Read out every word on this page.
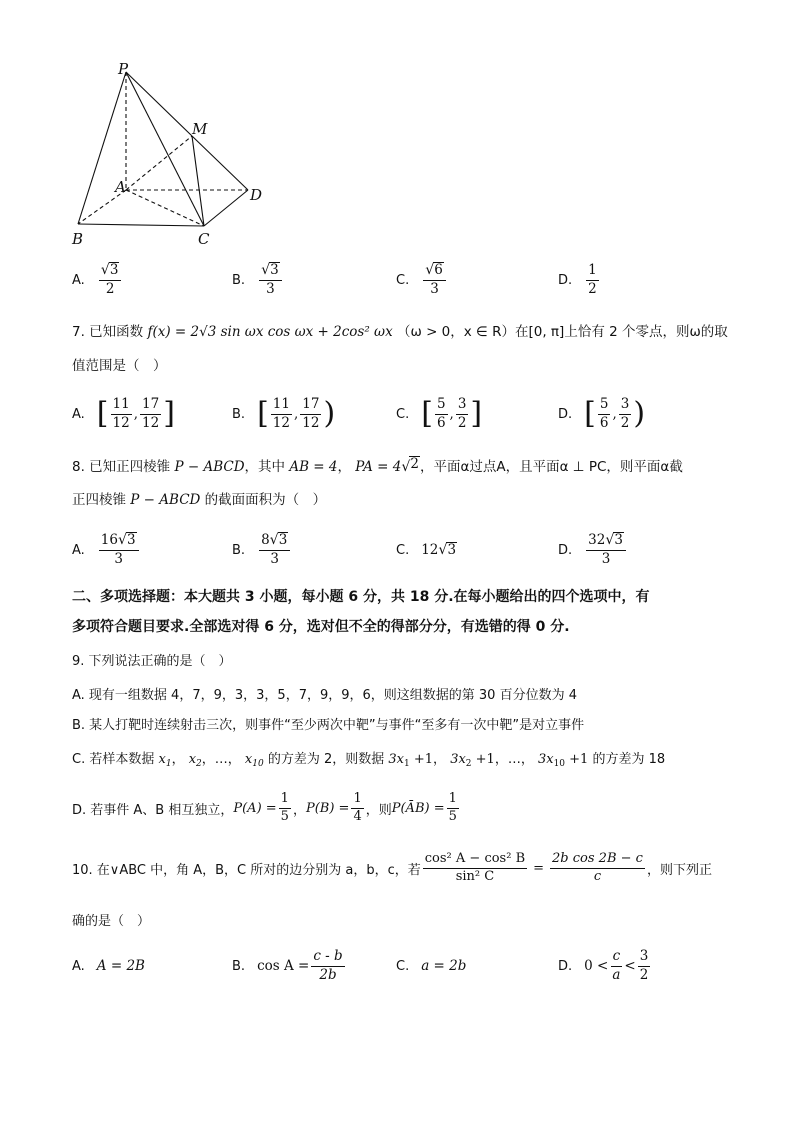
P
M
A	D
B	C
A. $\frac{√ 3}{2}$	B. $\frac{√ 3}{3}$	C. $\frac{√ 6}{3}$	D. $\frac{1}{2}$
7. 已知函数 f(x) = 2√3 sin ωx cos ωx + 2cos² ωx （ω > 0，x ∈ R）在[0, π]上恰有 2 个零点，则ω的取
值范围是（　）
A. [ $\frac{11}{12}$ , $\frac{17}{12}$ ]	B. [ $\frac{11}{12}$ , $\frac{17}{12}$ )	C. [ $\frac{5}{6}$ , $\frac{3}{2}$ ]	D. [ $\frac{5}{6}$ , $\frac{3}{2}$ )
8. 已知正四棱锥 P − ABCD，其中 AB = 4， PA = 4 √ 2 ，平面α过点A，且平面α ⊥ PC，则平面α截
正四棱锥 P − ABCD 的截面面积为（　）
A. $\frac{16 √ 3}{3}$	B. $\frac{8 √ 3}{3}$	C. 12 √ 3	D. $\frac{32 √ 3}{3}$
二、多项选择题：本大题共 3 小题，每小题 6 分，共 18 分.在每小题给出的四个选项中，有
多项符合题目要求.全部选对得 6 分，选对但不全的得部分分，有选错的得 0 分.
9. 下列说法正确的是（　）
A. 现有一组数据 4，7，9，3，3，5，7，9，9，6，则这组数据的第 30 百分位数为 4
B. 某人打靶时连续射击三次，则事件“至少两次中靶”与事件“至多有一次中靶”是对立事件
C. 若样本数据 $x_1$， $x_2$，…， $x_{10}$ 的方差为 2，则数据 $3x_1 +1$， $3x_2 +1$，…， $3x_{10} +1$ 的方差为 18
D. 若事件 A、B 相互独立， $P(A) = \frac{1}{5}$ ， $P(B) = \frac{1}{4}$ ，则 P(ĀB) = $\frac{1}{5}$
10. 在∨ABC 中，角 A，B，C 所对的边分别为 a，b，c，若 $\frac{\text{cos² A − cos² B}}{\text{sin² C}} = \frac{\text{2b cos 2B − c}}{c}$ ，则下列正
确的是（　）
A. A = 2B	B. $\cos A = \frac{c - b}{2b}$	C. a = 2b	D. $0 < \frac{c}{a} < \frac{3}{2}$
